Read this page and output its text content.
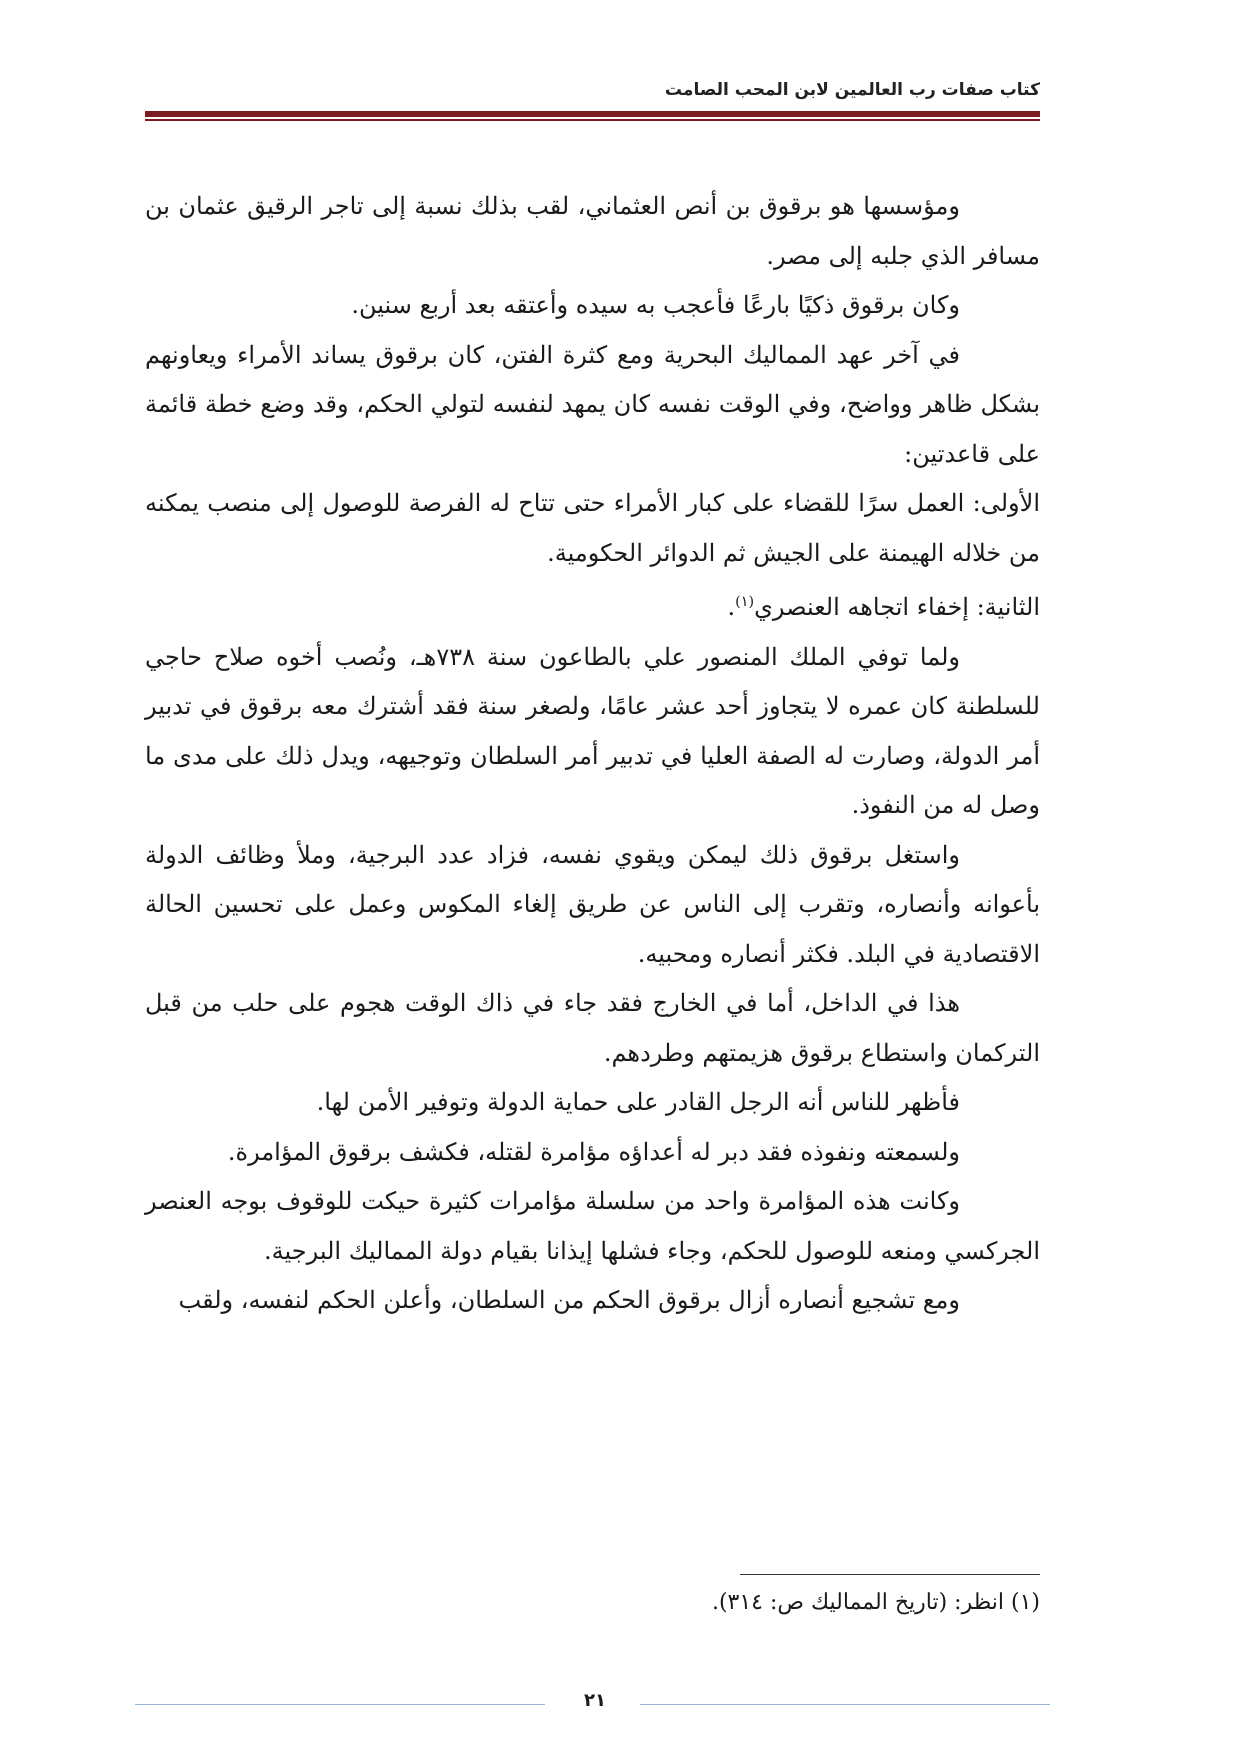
كتاب صفات رب العالمين لابن المحب الصامت

ومؤسسها هو برقوق بن أنص العثماني، لقب بذلك نسبة إلى تاجر الرقيق عثمان بن مسافر الذي جلبه إلى مصر.

وكان برقوق ذكيًا بارعًا فأعجب به سيده وأعتقه بعد أربع سنين.

في آخر عهد المماليك البحرية ومع كثرة الفتن، كان برقوق يساند الأمراء ويعاونهم بشكل ظاهر وواضح، وفي الوقت نفسه كان يمهد لنفسه لتولي الحكم، وقد وضع خطة قائمة على قاعدتين:

الأولى: العمل سرًا للقضاء على كبار الأمراء حتى تتاح له الفرصة للوصول إلى منصب يمكنه من خلاله الهيمنة على الجيش ثم الدوائر الحكومية.

الثانية: إخفاء اتجاهه العنصري$^{(١)}$.

ولما توفي الملك المنصور علي بالطاعون سنة ٧٣٨هـ، ونُصب أخوه صلاح حاجي للسلطنة كان عمره لا يتجاوز أحد عشر عامًا، ولصغر سنة فقد أشترك معه برقوق في تدبير أمر الدولة، وصارت له الصفة العليا في تدبير أمر السلطان وتوجيهه، ويدل ذلك على مدى ما وصل له من النفوذ.

واستغل برقوق ذلك ليمكن ويقوي نفسه، فزاد عدد البرجية، وملأ وظائف الدولة بأعوانه وأنصاره، وتقرب إلى الناس عن طريق إلغاء المكوس وعمل على تحسين الحالة الاقتصادية في البلد. فكثر أنصاره ومحبيه.

هذا في الداخل، أما في الخارج فقد جاء في ذاك الوقت هجوم على حلب من قبل التركمان واستطاع برقوق هزيمتهم وطردهم.

فأظهر للناس أنه الرجل القادر على حماية الدولة وتوفير الأمن لها.

ولسمعته ونفوذه فقد دبر له أعداؤه مؤامرة لقتله، فكشف برقوق المؤامرة.

وكانت هذه المؤامرة واحد من سلسلة مؤامرات كثيرة حيكت للوقوف بوجه العنصر الجركسي ومنعه للوصول للحكم، وجاء فشلها إيذانا بقيام دولة المماليك البرجية.

ومع تشجيع أنصاره أزال برقوق الحكم من السلطان، وأعلن الحكم لنفسه، ولقب

(١) انظر: (تاريخ المماليك ص: ٣١٤).
٢١
